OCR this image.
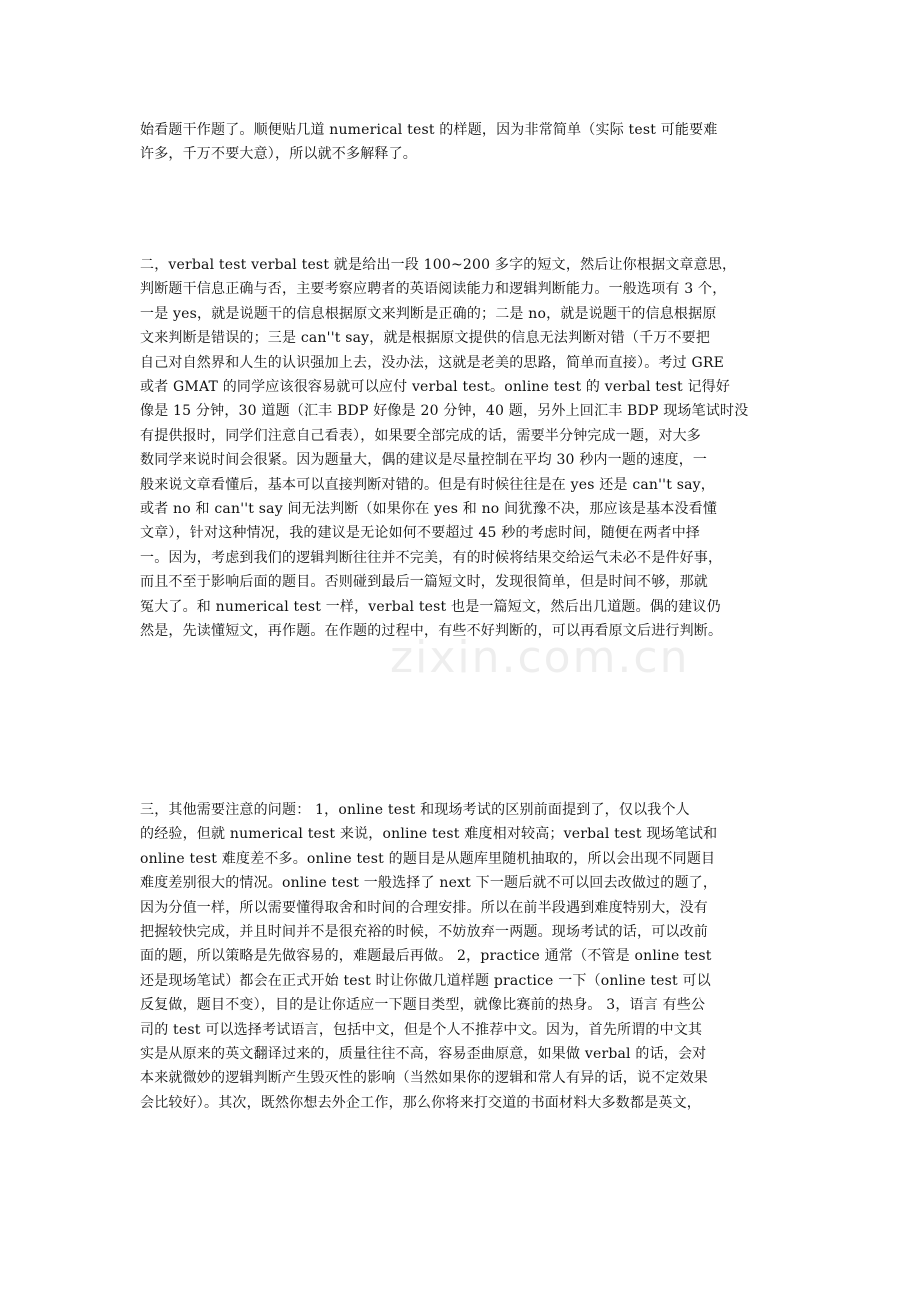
始看题干作题了。顺便贴几道 numerical test 的样题，因为非常简单（实际 test 可能要难
许多，千万不要大意），所以就不多解释了。
二，verbal test verbal test 就是给出一段 100~200 多字的短文，然后让你根据文章意思，
判断题干信息正确与否，主要考察应聘者的英语阅读能力和逻辑判断能力。一般选项有 3 个，
一是 yes，就是说题干的信息根据原文来判断是正确的；二是 no，就是说题干的信息根据原
文来判断是错误的；三是 can''t say，就是根据原文提供的信息无法判断对错（千万不要把
自己对自然界和人生的认识强加上去，没办法，这就是老美的思路，简单而直接）。考过 GRE
或者 GMAT 的同学应该很容易就可以应付 verbal test。online test 的 verbal test 记得好
像是 15 分钟，30 道题（汇丰 BDP 好像是 20 分钟，40 题，另外上回汇丰 BDP 现场笔试时没
有提供报时，同学们注意自己看表），如果要全部完成的话，需要半分钟完成一题，对大多
数同学来说时间会很紧。因为题量大，偶的建议是尽量控制在平均 30 秒内一题的速度，一
般来说文章看懂后，基本可以直接判断对错的。但是有时候往往是在 yes 还是 can''t say，
或者 no 和 can''t say 间无法判断（如果你在 yes 和 no 间犹豫不决，那应该是基本没看懂
文章），针对这种情况，我的建议是无论如何不要超过 45 秒的考虑时间，随便在两者中择
一。因为，考虑到我们的逻辑判断往往并不完美，有的时候将结果交给运气未必不是件好事，
而且不至于影响后面的题目。否则碰到最后一篇短文时，发现很简单，但是时间不够，那就
冤大了。和 numerical test 一样，verbal test 也是一篇短文，然后出几道题。偶的建议仍
然是，先读懂短文，再作题。在作题的过程中，有些不好判断的，可以再看原文后进行判断。
三，其他需要注意的问题： 1，online test 和现场考试的区别前面提到了，仅以我个人
的经验，但就 numerical test 来说，online test 难度相对较高；verbal test 现场笔试和
online test 难度差不多。online test 的题目是从题库里随机抽取的，所以会出现不同题目
难度差别很大的情况。online test 一般选择了 next 下一题后就不可以回去改做过的题了，
因为分值一样，所以需要懂得取舍和时间的合理安排。所以在前半段遇到难度特别大，没有
把握较快完成，并且时间并不是很充裕的时候，不妨放弃一两题。现场考试的话，可以改前
面的题，所以策略是先做容易的，难题最后再做。 2，practice 通常（不管是 online test
还是现场笔试）都会在正式开始 test 时让你做几道样题 practice 一下（online test 可以
反复做，题目不变），目的是让你适应一下题目类型，就像比赛前的热身。 3，语言 有些公
司的 test 可以选择考试语言，包括中文，但是个人不推荐中文。因为，首先所谓的中文其
实是从原来的英文翻译过来的，质量往往不高，容易歪曲原意，如果做 verbal 的话，会对
本来就微妙的逻辑判断产生毁灭性的影响（当然如果你的逻辑和常人有异的话，说不定效果
会比较好）。其次，既然你想去外企工作，那么你将来打交道的书面材料大多数都是英文，
zixin.com.cn
